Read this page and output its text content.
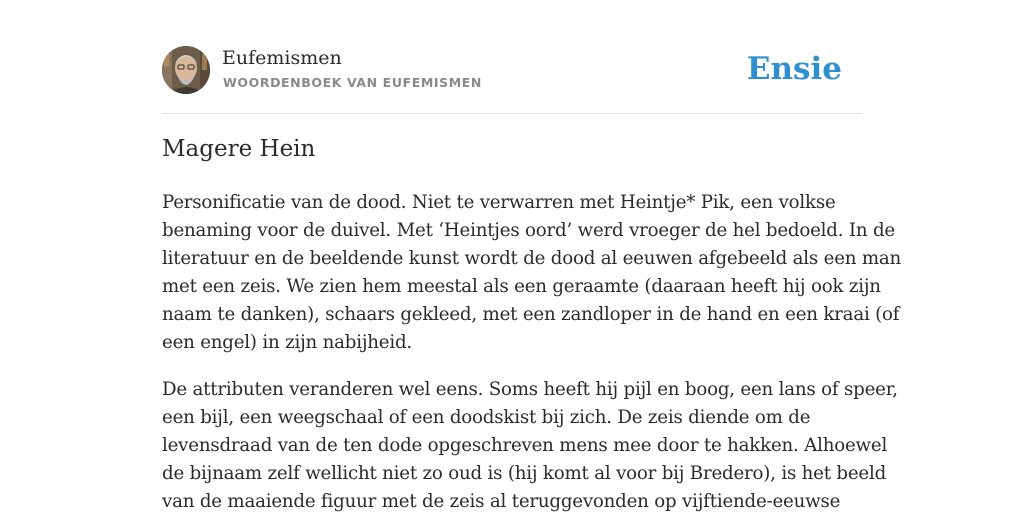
Eufemismen
WOORDENBOEK VAN EUFEMISMEN	Ensie
Magere Hein

Personificatie van de dood. Niet te verwarren met Heintje* Pik, een volkse
benaming voor de duivel. Met ‘Heintjes oord’ werd vroeger de hel bedoeld. In de
literatuur en de beeldende kunst wordt de dood al eeuwen afgebeeld als een man
met een zeis. We zien hem meestal als een geraamte (daaraan heeft hij ook zijn
naam te danken), schaars gekleed, met een zandloper in de hand en een kraai (of
een engel) in zijn nabijheid.

De attributen veranderen wel eens. Soms heeft hij pijl en boog, een lans of speer,
een bijl, een weegschaal of een doodskist bij zich. De zeis diende om de
levensdraad van de ten dode opgeschreven mens mee door te hakken. Alhoewel
de bijnaam zelf wellicht niet zo oud is (hij komt al voor bij Bredero), is het beeld
van de maaiende figuur met de zeis al teruggevonden op vijftiende-eeuwse
